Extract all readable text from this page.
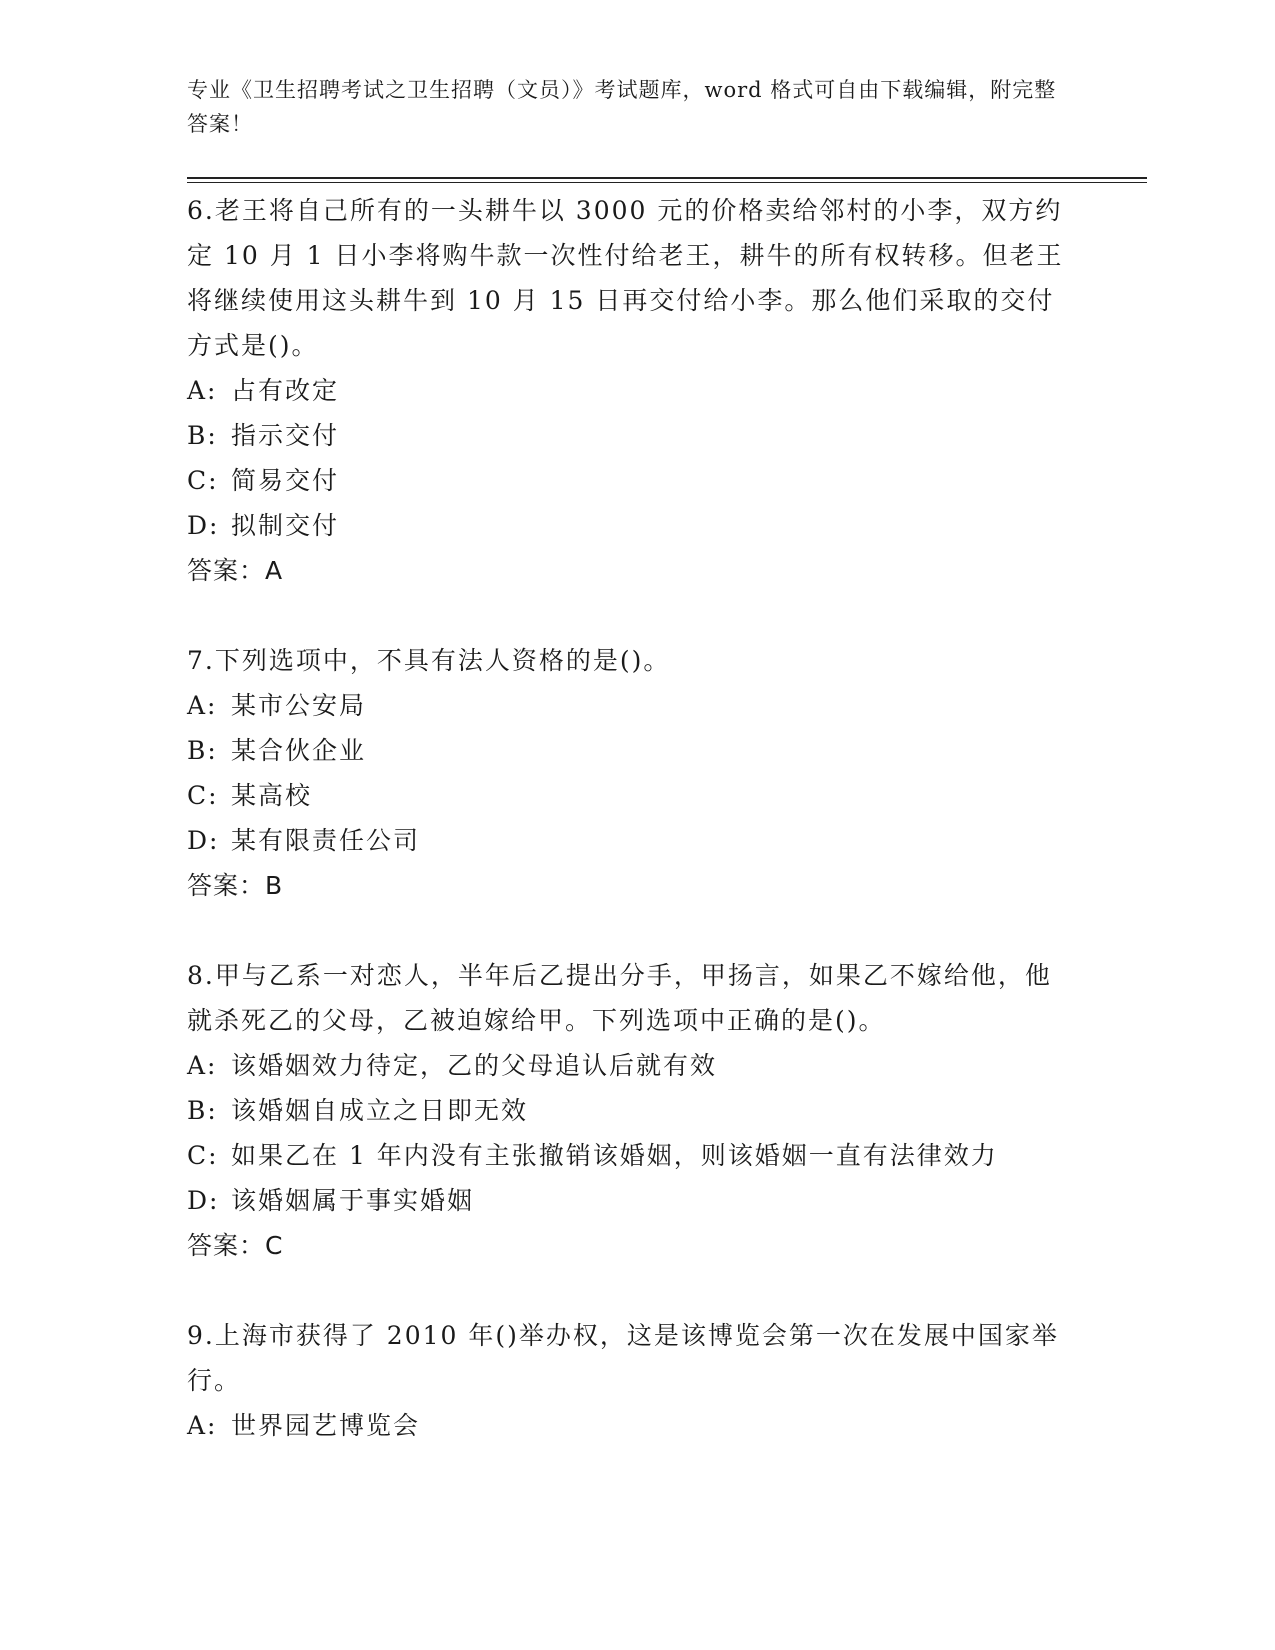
专业《卫生招聘考试之卫生招聘（文员）》考试题库，word 格式可自由下载编辑，附完整答案！

6.老王将自己所有的一头耕牛以 3000 元的价格卖给邻村的小李，双方约定 10 月 1 日小李将购牛款一次性付给老王，耕牛的所有权转移。但老王将继续使用这头耕牛到 10 月 15 日再交付给小李。那么他们采取的交付方式是()。

A: 占有改定

B: 指示交付

C: 简易交付

D: 拟制交付

答案：A

7.下列选项中，不具有法人资格的是()。

A: 某市公安局

B: 某合伙企业

C: 某高校

D: 某有限责任公司

答案：B

8.甲与乙系一对恋人，半年后乙提出分手，甲扬言，如果乙不嫁给他，他就杀死乙的父母，乙被迫嫁给甲。下列选项中正确的是()。

A: 该婚姻效力待定，乙的父母追认后就有效

B: 该婚姻自成立之日即无效

C: 如果乙在 1 年内没有主张撤销该婚姻，则该婚姻一直有法律效力

D: 该婚姻属于事实婚姻

答案：C

9.上海市获得了 2010 年()举办权，这是该博览会第一次在发展中国家举行。

A: 世界园艺博览会
